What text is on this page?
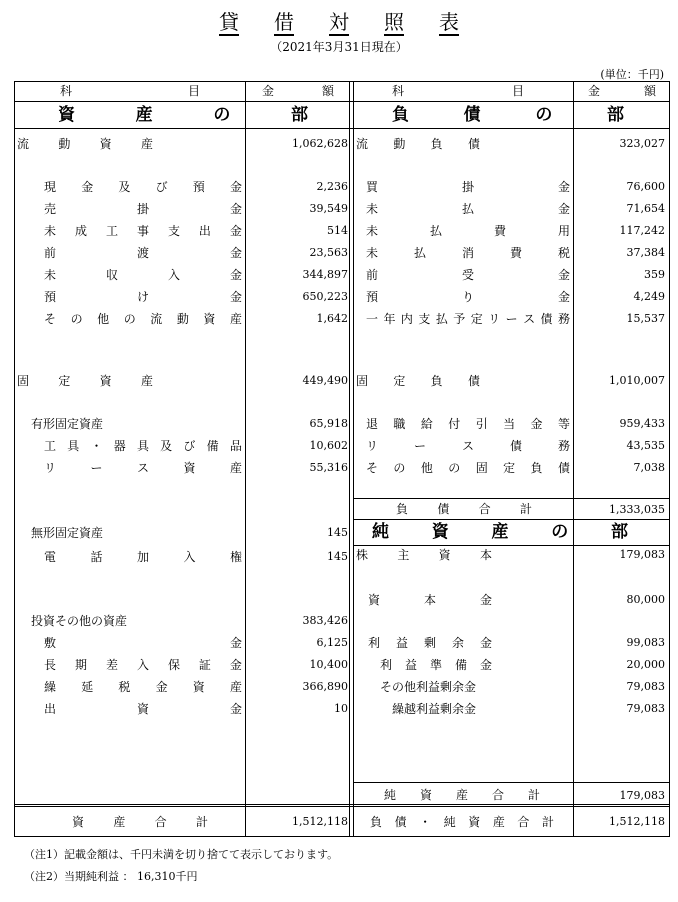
貸 借 対 照 表
（2021年3月31日現在）
(単位：千円)
科	目	金	額	科	目	金	額
資	産	の	部	負	債	の	部
純	資	産	の	部
流 動 資 産	1,062,628
現 金 及 び 預 金	2,236
売	掛	金	39,549
未 成 工 事 支 出 金	514
前	渡	金	23,563
未	収	入	金	344,897
預	け	金	650,223
そ の 他 の 流 動 資 産	1,642
固 定 資 産	449,490
有形固定資産	65,918
工 具 ・ 器 具 及 び 備 品	10,602
リ	ー	ス	資	産	55,316
無形固定資産	145
電	話	加	入	権	145
投資その他の資産	383,426
敷	金	6,125
長 期 差 入 保 証 金	10,400
繰 延 税 金 資 産	366,890
出	資	金	10
資 産 合 計	1,512,118
流 動 負 債	323,027
買	掛	金	76,600
未	払	金	71,654
未	払	費	用	117,242
未	払	消	費	税	37,384
前	受	金	359
預	り	金	4,249
一 年 内 支 払 予 定 リ ー ス 債 務	15,537
固 定 負 債	1,010,007
退 職 給 付 引 当 金 等	959,433
リ	ー	ス	債	務	43,535
そ の 他 の 固 定 負 債	7,038
負 債 合 計	1,333,035
株 主 資 本	179,083
資	本	金	80,000
利 益 剰 余 金	99,083
利 益 準 備 金	20,000
その他利益剰余金	79,083
繰越利益剰余金	79,083
純 資 産 合 計	179,083
負 債 ・ 純 資 産 合 計	1,512,118
（注1）記載金額は、千円未満を切り捨てて表示しております。
（注2）当期純利益 ： 16,310千円
